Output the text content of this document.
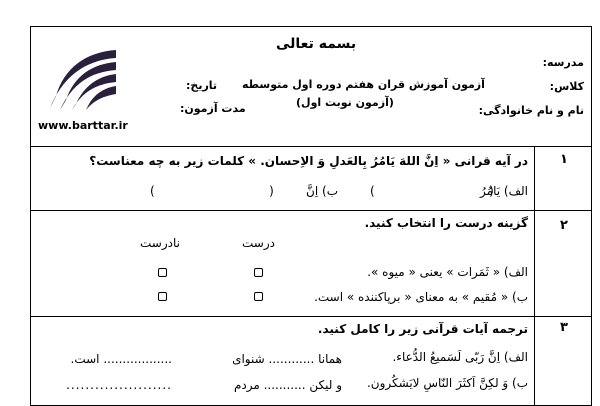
بسمه تعالی
آزمون آموزش قران هفتم دوره اول متوسطه
(آزمون نوبت اول)
مدرسه:
کلاس:
نام و نام خانوادگی:
تاریخ:
مدت آزمون:
www.barttar.ir
۱
در آیه قرانی « اِنَّ اللهَ یَامُرُ بِالعَدلِ وَ الاِحسان. » کلمات زیر به چه معناست؟
الف) یَامُرُ
(                              )
ب) اِنَّ
(                              )
۲
گزینه درست را انتخاب کنید.
درست
نادرست
الف) « ثَمَرات » یعنی « میوه ».
ب) « مُقیم » به معنای « برپاکننده » است.
۳
ترجمه آیات قرآنی زیر را کامل کنید.
الف) اِنَّ رَبّی لَسَمیعُ الدُّعاء.
همانا ............ شنوای
.................. است.
ب) وَ لکِنَّ اَکثَرَ النّاسِ لایَشکُرون.
و لیکن ........... مردم
......................
